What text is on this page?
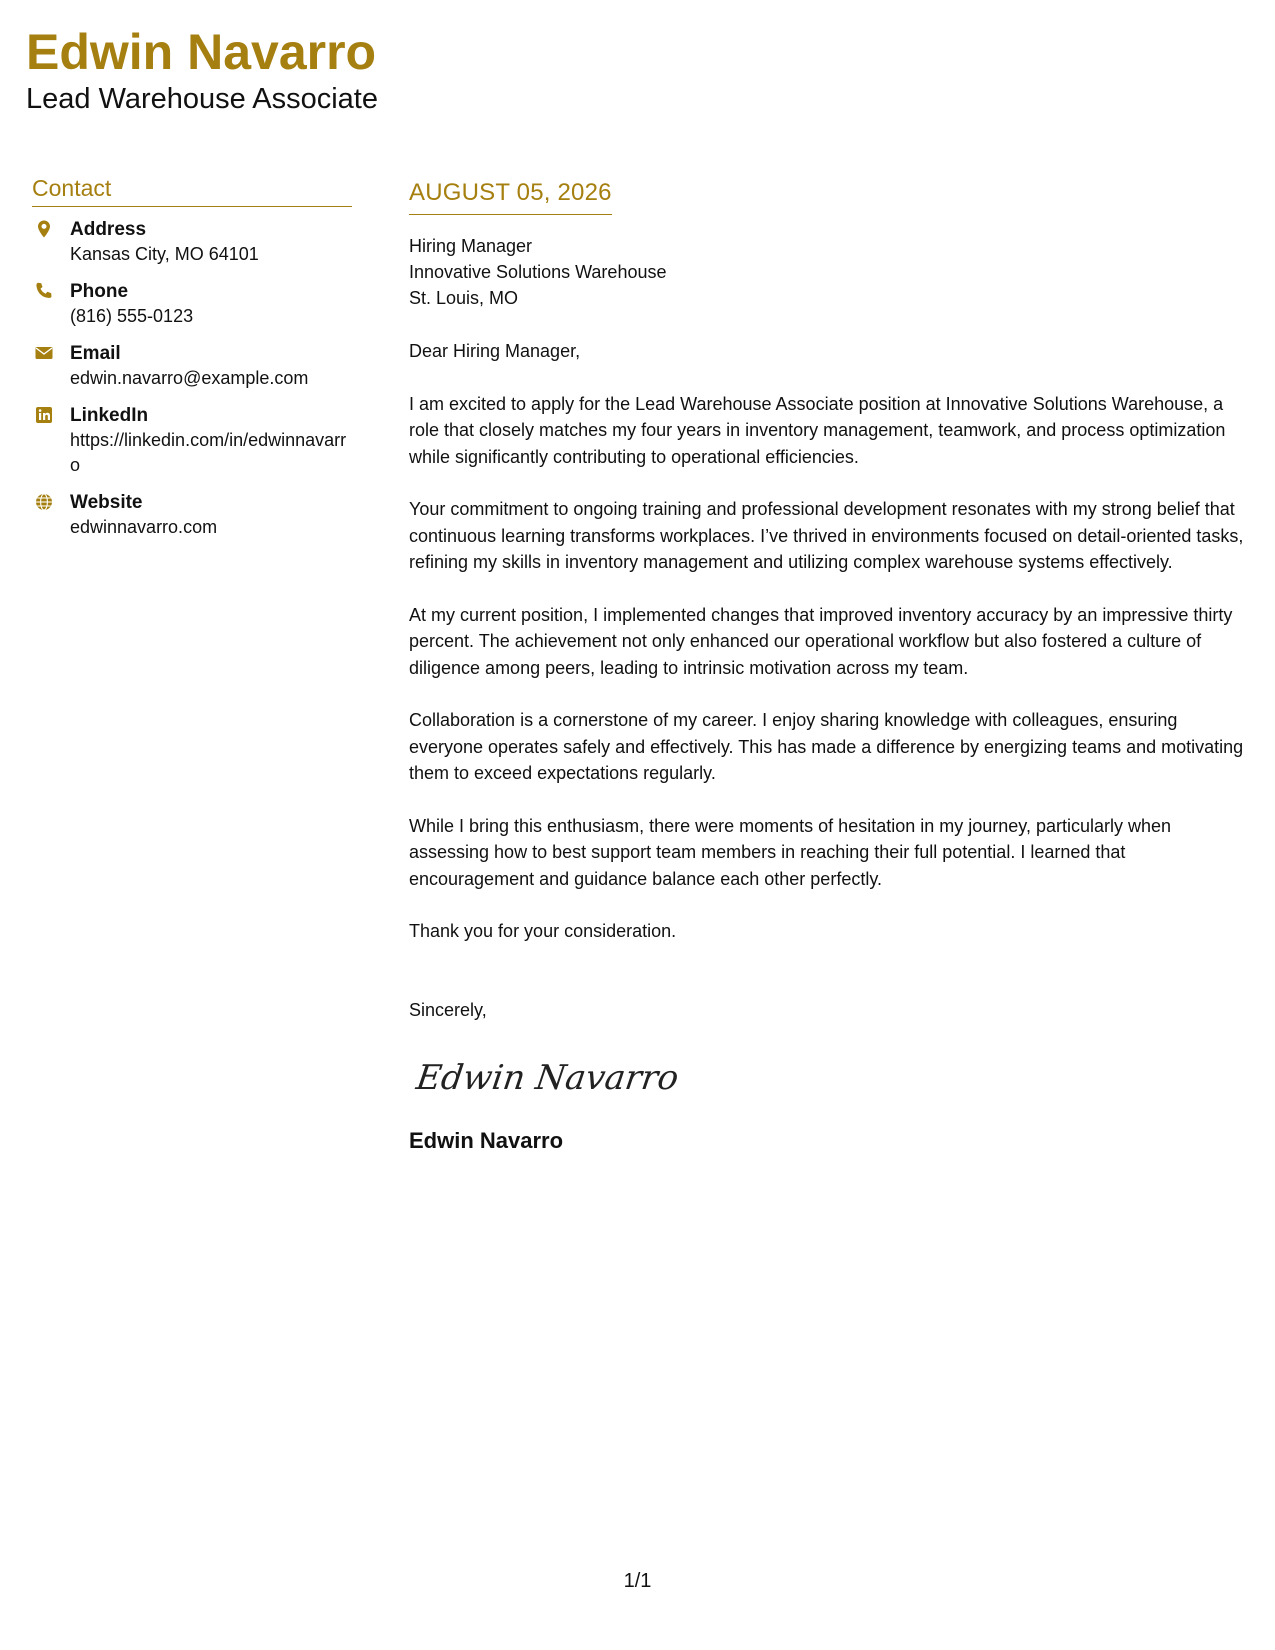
Edwin Navarro
Lead Warehouse Associate
Contact
Address
Kansas City, MO 64101
Phone
(816) 555-0123
Email
edwin.navarro@example.com
LinkedIn
https://linkedin.com/in/edwinnavarro
Website
edwinnavarro.com
AUGUST 05, 2026
Hiring Manager
Innovative Solutions Warehouse
St. Louis, MO
Dear Hiring Manager,

I am excited to apply for the Lead Warehouse Associate position at Innovative Solutions Warehouse, a role that closely matches my four years in inventory management, teamwork, and process optimization while significantly contributing to operational efficiencies.

Your commitment to ongoing training and professional development resonates with my strong belief that continuous learning transforms workplaces. I’ve thrived in environments focused on detail-oriented tasks, refining my skills in inventory management and utilizing complex warehouse systems effectively.

At my current position, I implemented changes that improved inventory accuracy by an impressive thirty percent. The achievement not only enhanced our operational workflow but also fostered a culture of diligence among peers, leading to intrinsic motivation across my team.

Collaboration is a cornerstone of my career. I enjoy sharing knowledge with colleagues, ensuring everyone operates safely and effectively. This has made a difference by energizing teams and motivating them to exceed expectations regularly.

While I bring this enthusiasm, there were moments of hesitation in my journey, particularly when assessing how to best support team members in reaching their full potential. I learned that encouragement and guidance balance each other perfectly.

Thank you for your consideration.

Sincerely,
Edwin Navarro
Edwin Navarro
1/1
